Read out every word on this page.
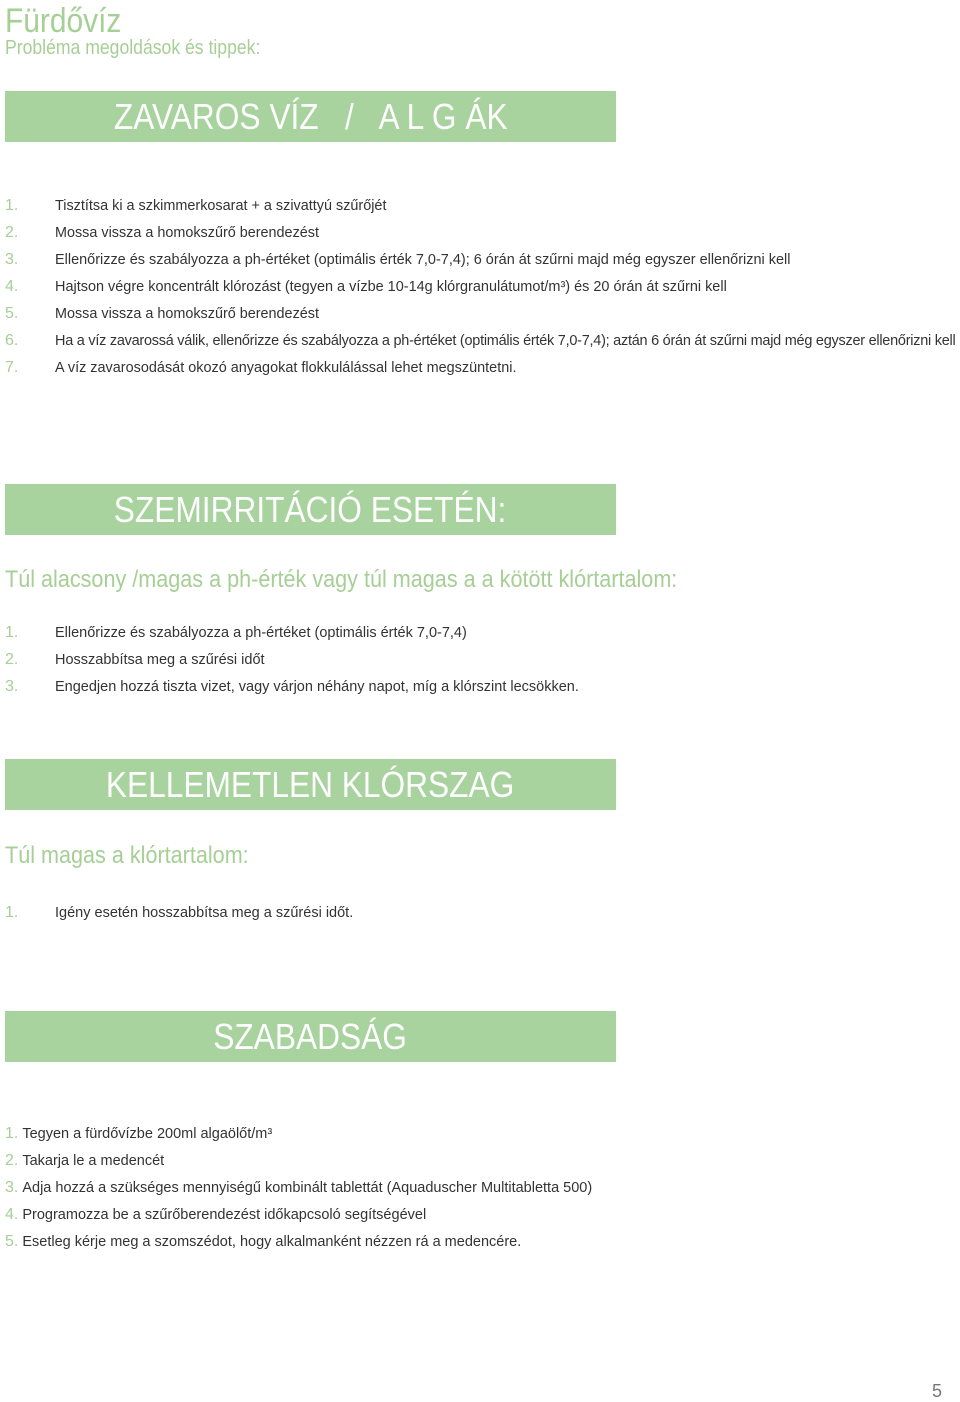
Fürdővíz
Probléma megoldások és tippek:
ZAVAROS VÍZ   /   A L G ÁK
1.	Tisztítsa ki a szkimmerkosarat + a szivattyú szűrőjét
2.	Mossa vissza a homokszűrő berendezést
3.	Ellenőrizze és szabályozza a ph-értéket (optimális érték 7,0-7,4); 6 órán át szűrni majd még egyszer ellenőrizni kell
4.	Hajtson végre koncentrált klórozást (tegyen a vízbe 10-14g klórgranulátumot/m³) és 20 órán át szűrni kell
5.	Mossa vissza a homokszűrő berendezést
6.	Ha a víz zavarossá válik, ellenőrizze és szabályozza a ph-értéket (optimális érték 7,0-7,4); aztán 6 órán át szűrni majd még egyszer ellenőrizni kell
7.	A víz zavarosodását okozó anyagokat flokkulálással lehet megszüntetni.
SZEMIRRITÁCIÓ ESETÉN:
Túl alacsony /magas a ph-érték vagy túl magas a a kötött klórtartalom:
1.	Ellenőrizze és szabályozza a ph-értéket (optimális érték 7,0-7,4)
2.	Hosszabbítsa meg a szűrési időt
3.	Engedjen hozzá tiszta vizet, vagy várjon néhány napot, míg a klórszint lecsökken.
KELLEMETLEN KLÓRSZAG
Túl magas a klórtartalom:
1.	Igény esetén hosszabbítsa meg a szűrési időt.
SZABADSÁG
1. Tegyen a fürdővízbe 200ml algaölőt/m³
2. Takarja le a medencét
3. Adja hozzá a szükséges mennyiségű kombinált tablettát (Aquaduscher Multitabletta 500)
4. Programozza be a szűrőberendezést időkapcsoló segítségével
5. Esetleg kérje meg a szomszédot, hogy alkalmanként nézzen rá a medencére.
5
